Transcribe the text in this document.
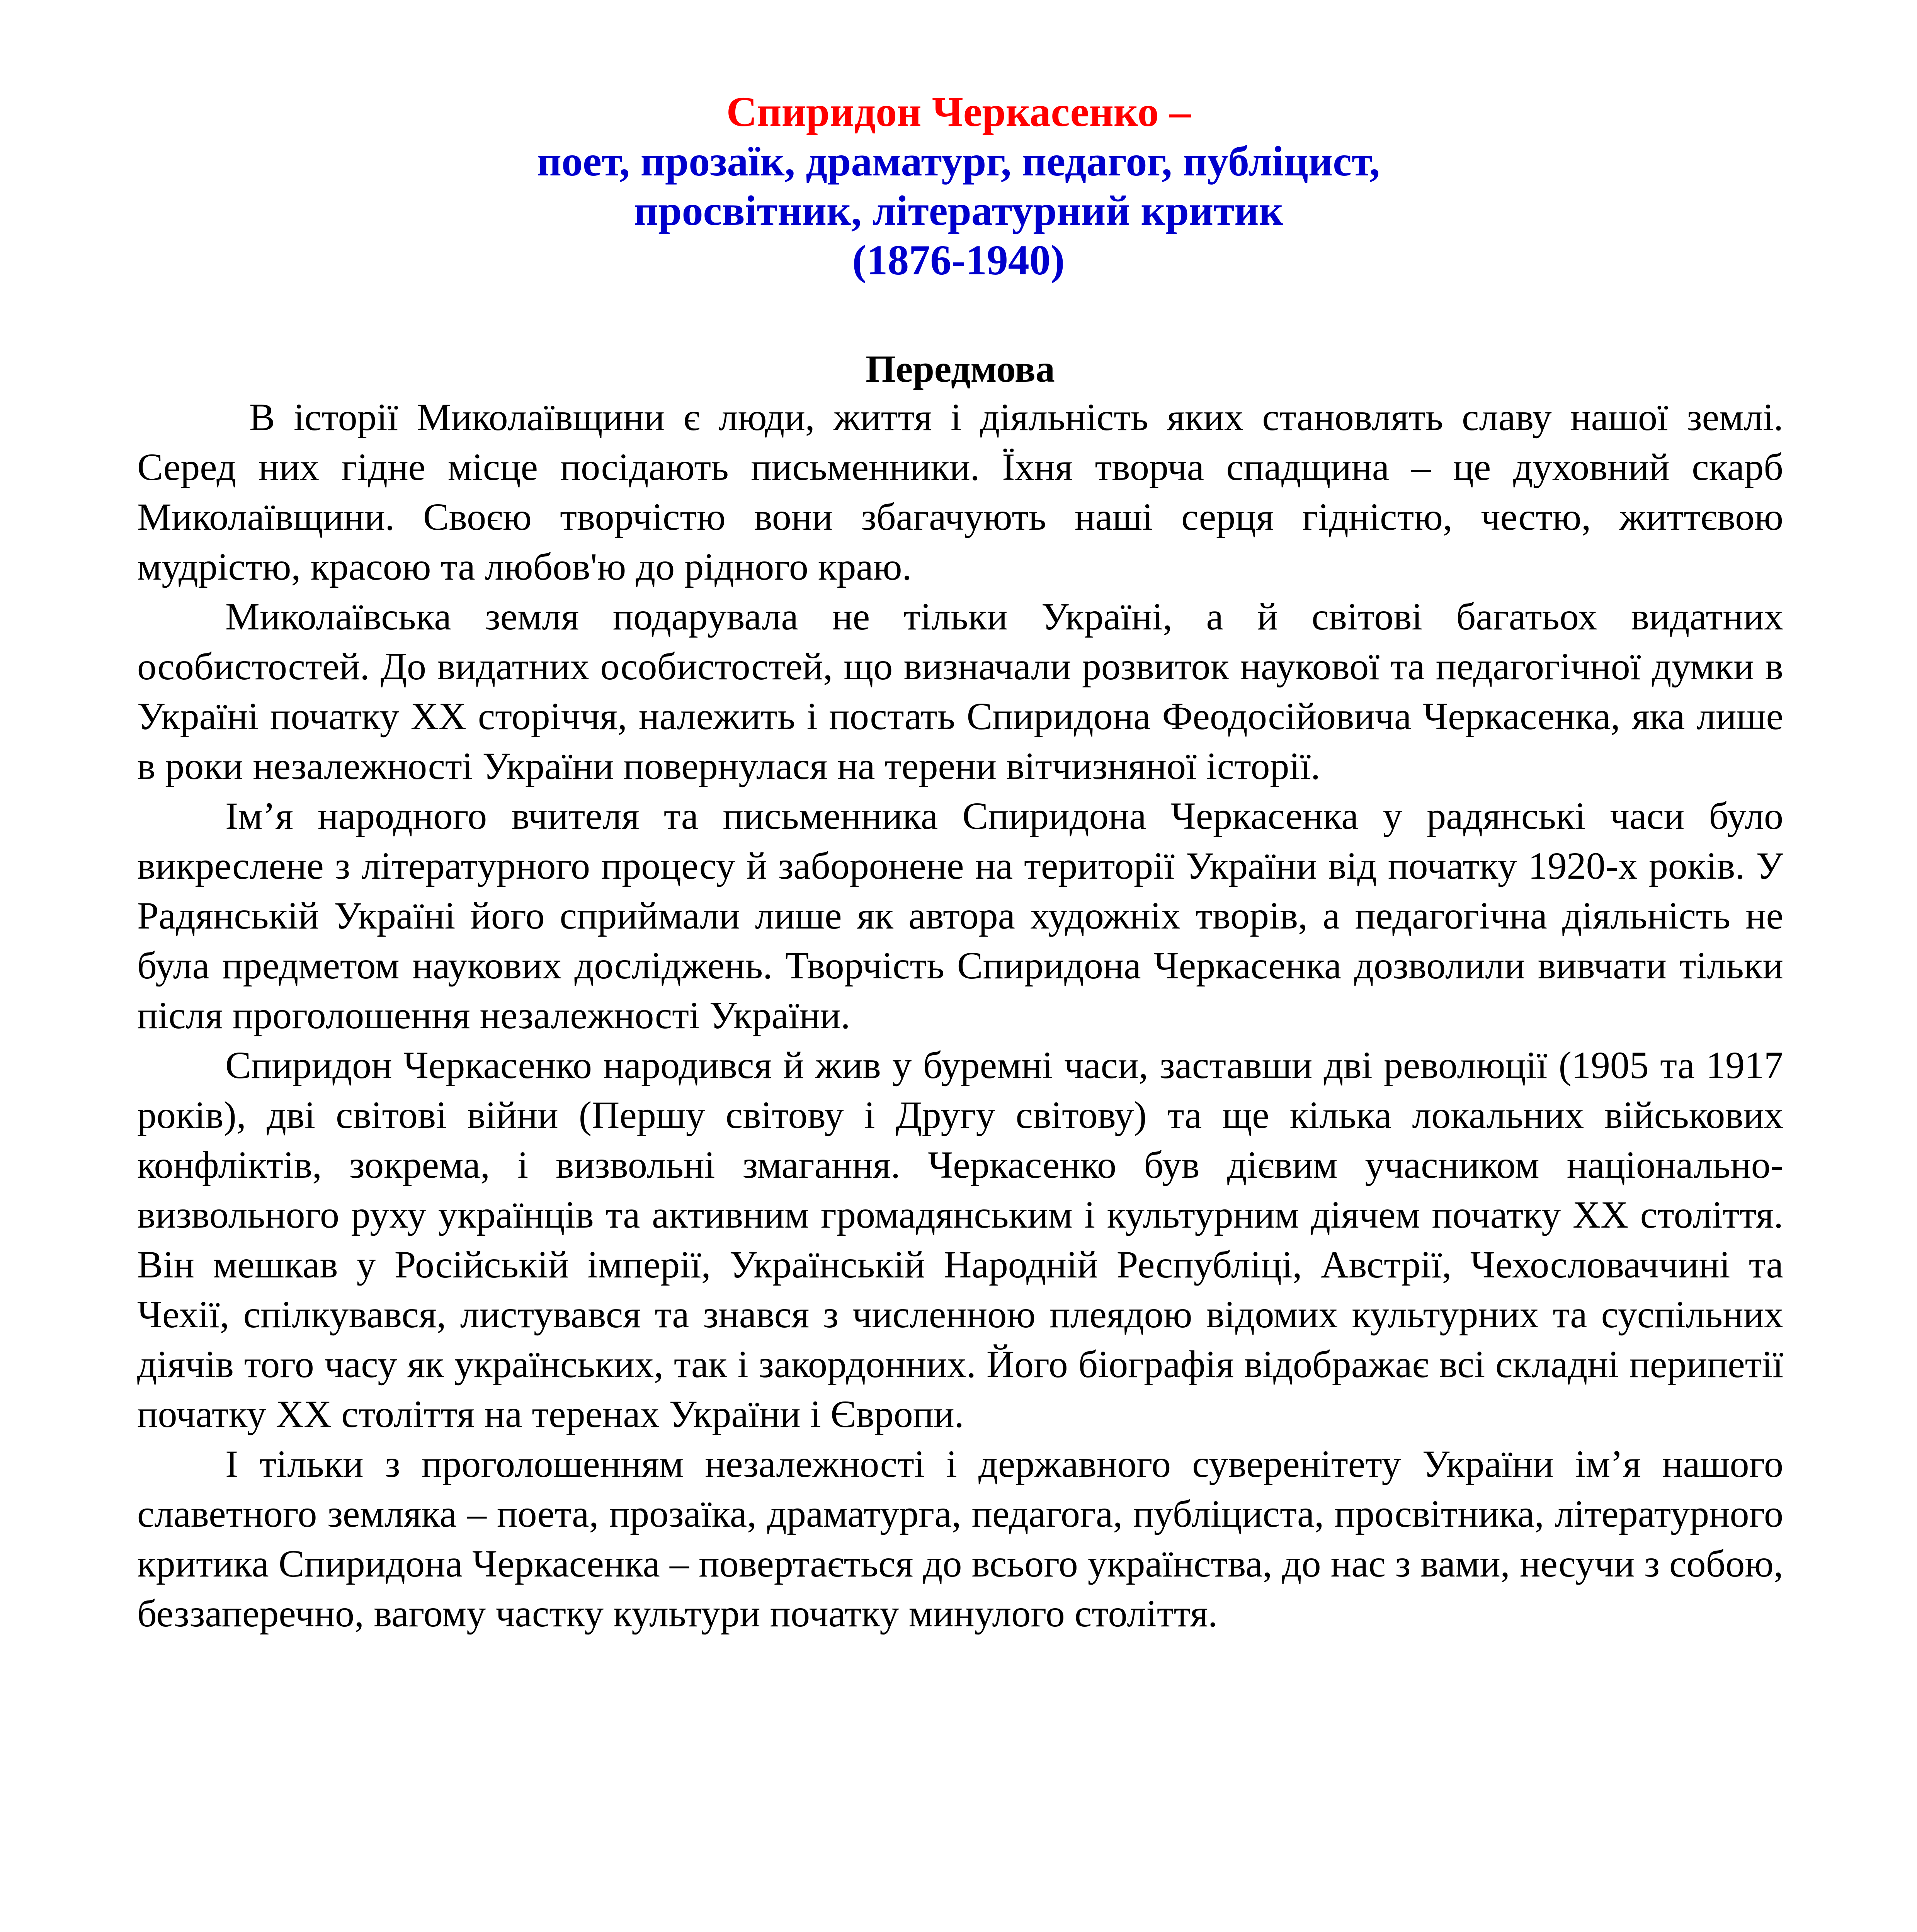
Спиридон Черкасенко –
поет, прозаїк, драматург, педагог, публіцист,
просвітник, літературний критик
(1876-1940)

Передмова

В історії Миколаївщини є люди, життя і діяльність яких становлять славу нашої землі. Серед них гідне місце посідають письменники. Їхня творча спадщина – це духовний скарб Миколаївщини. Своєю творчістю вони збагачують наші серця гідністю, честю, життєвою мудрістю, красою та любов'ю до рідного краю.

Миколаївська земля подарувала не тільки Україні, а й світові багатьох видатних особистостей. До видатних особистостей, що визначали розвиток наукової та педагогічної думки в Україні початку ХХ сторіччя, належить і постать Спиридона Феодосійовича Черкасенка, яка лише в роки незалежності України повернулася на терени вітчизняної історії.

Ім’я народного вчителя та письменника Спиридона Черкасенка у радянські часи було викреслене з літературного процесу й заборонене на території України від початку 1920-х років. У Радянській Україні його сприймали лише як автора художніх творів, а педагогічна діяльність не була предметом наукових досліджень. Творчість Спиридона Черкасенка дозволили вивчати тільки після проголошення незалежності України.

Спиридон Черкасенко народився й жив у буремні часи, заставши дві революції (1905 та 1917 років), дві світові війни (Першу світову і Другу світову) та ще кілька локальних військових конфліктів, зокрема, і визвольні змагання. Черкасенко був дієвим учасником національно-визвольного руху українців та активним громадянським і культурним діячем початку ХХ століття. Він мешкав у Російській імперії, Українській Народній Республіці, Австрії, Чехословаччині та Чехії, спілкувався, листувався та знався з численною плеядою відомих культурних та суспільних діячів того часу як українських, так і закордонних. Його біографія відображає всі складні перипетії початку ХХ століття на теренах України і Європи.

І тільки з проголошенням незалежності і державного суверенітету України ім’я нашого славетного земляка – поета, прозаїка, драматурга, педагога, публіциста, просвітника, літературного критика Спиридона Черкасенка – повертається до всього українства, до нас з вами, несучи з собою, беззаперечно, вагому частку культури початку минулого століття.
